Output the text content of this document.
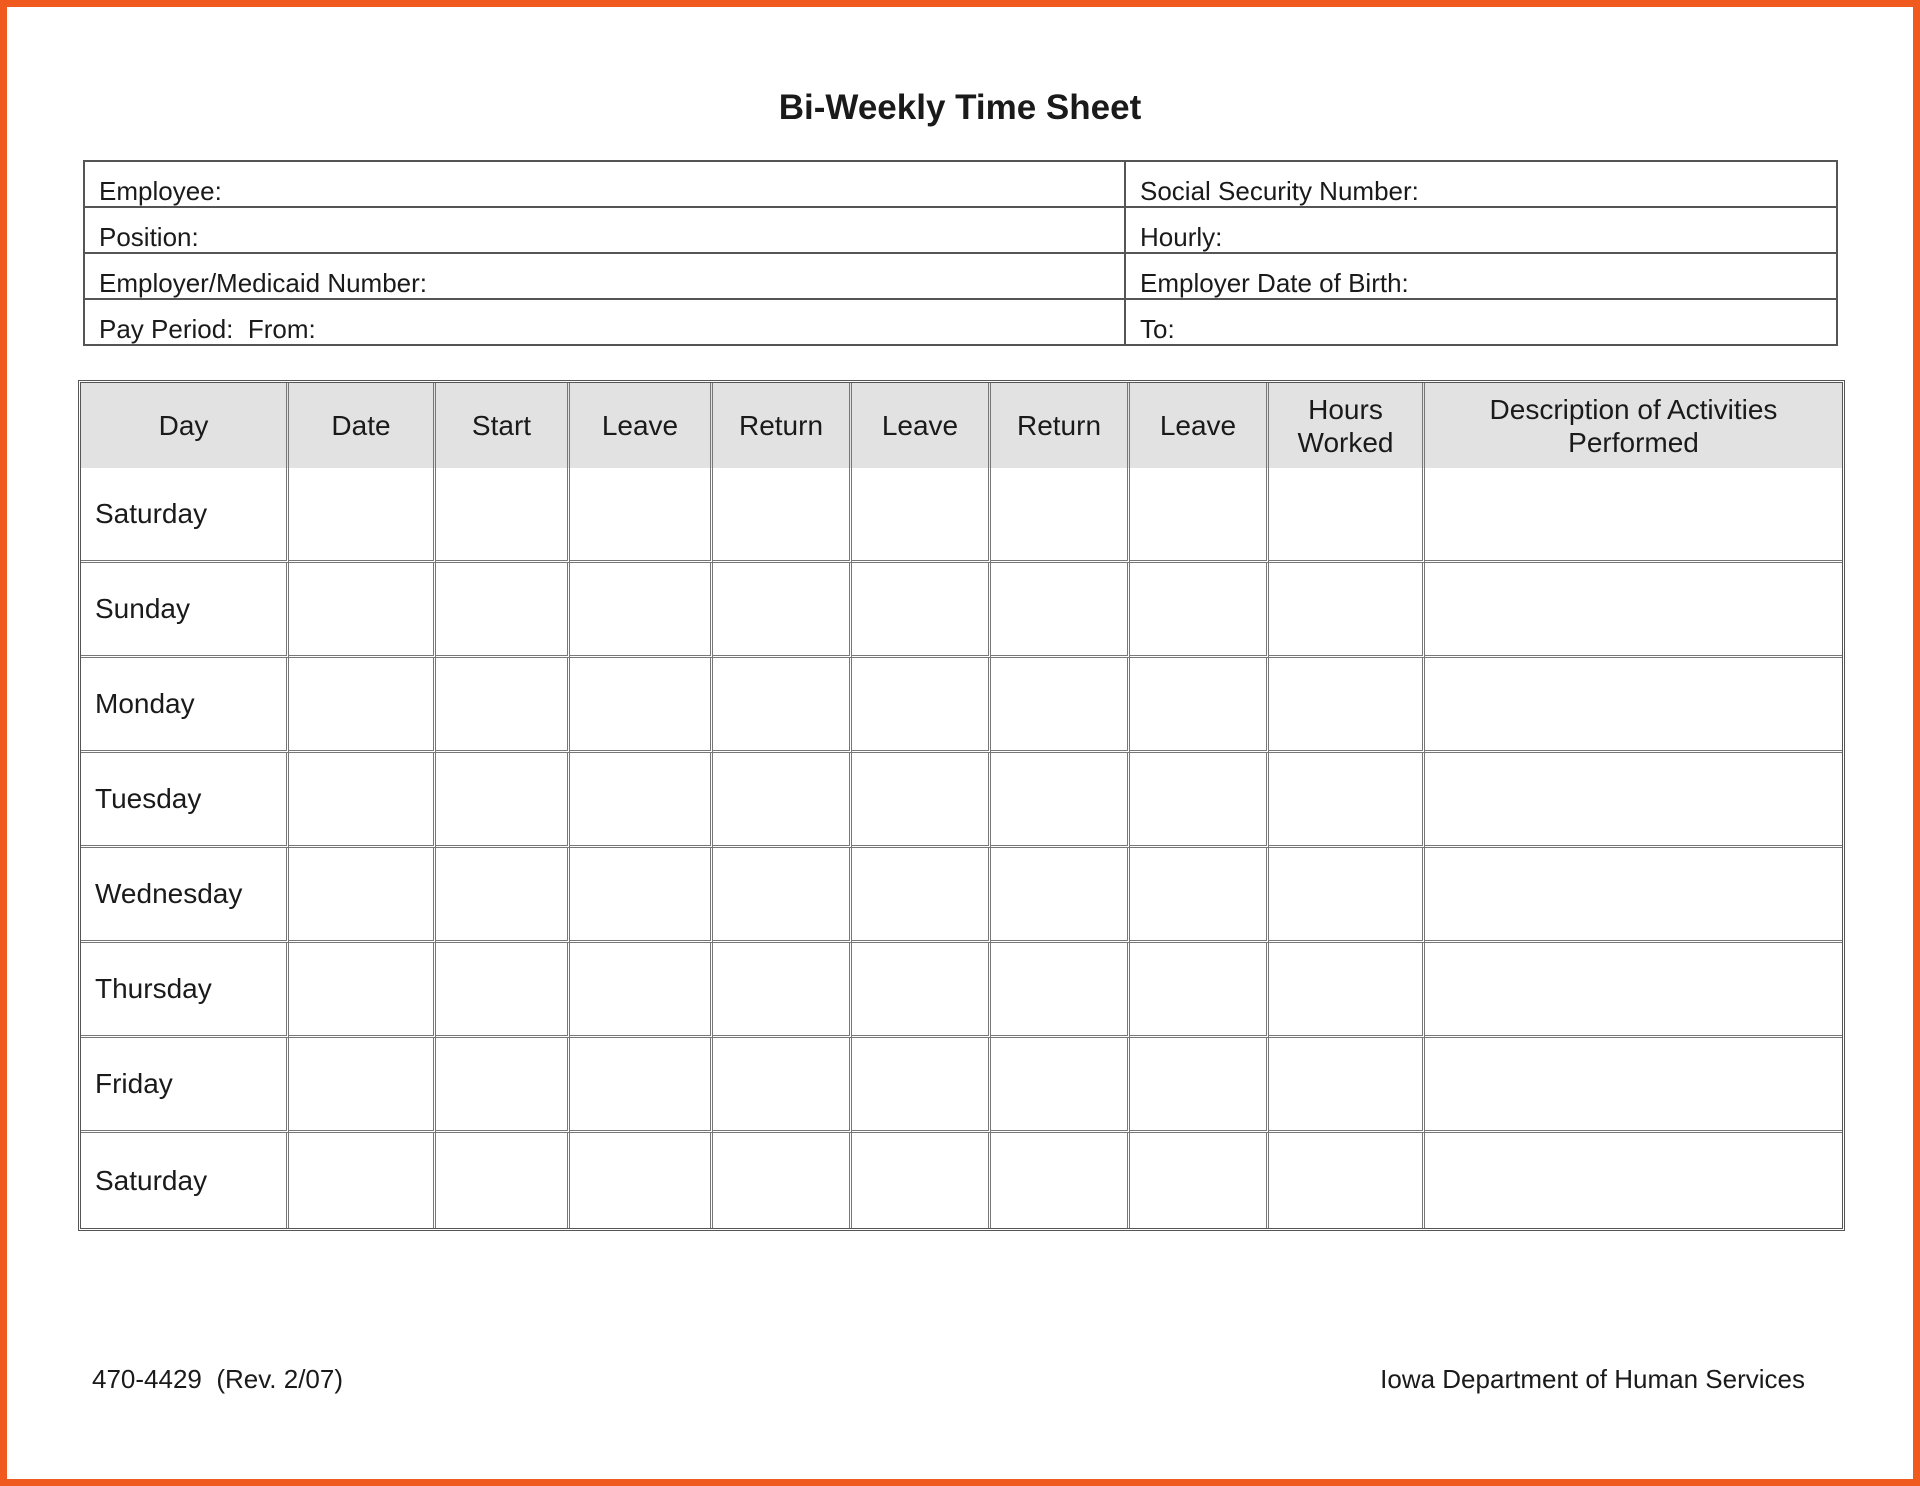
Bi-Weekly Time Sheet
Employee:	Social Security Number:
Position:	Hourly:
Employer/Medicaid Number:	Employer Date of Birth:
Pay Period:  From:	To:
Day	Date	Start	Leave	Return	Leave	Return	Leave	Hours Worked	Description of Activities Performed
Saturday									
Sunday									
Monday									
Tuesday									
Wednesday									
Thursday									
Friday									
Saturday									
470-4429  (Rev. 2/07)	Iowa Department of Human Services
